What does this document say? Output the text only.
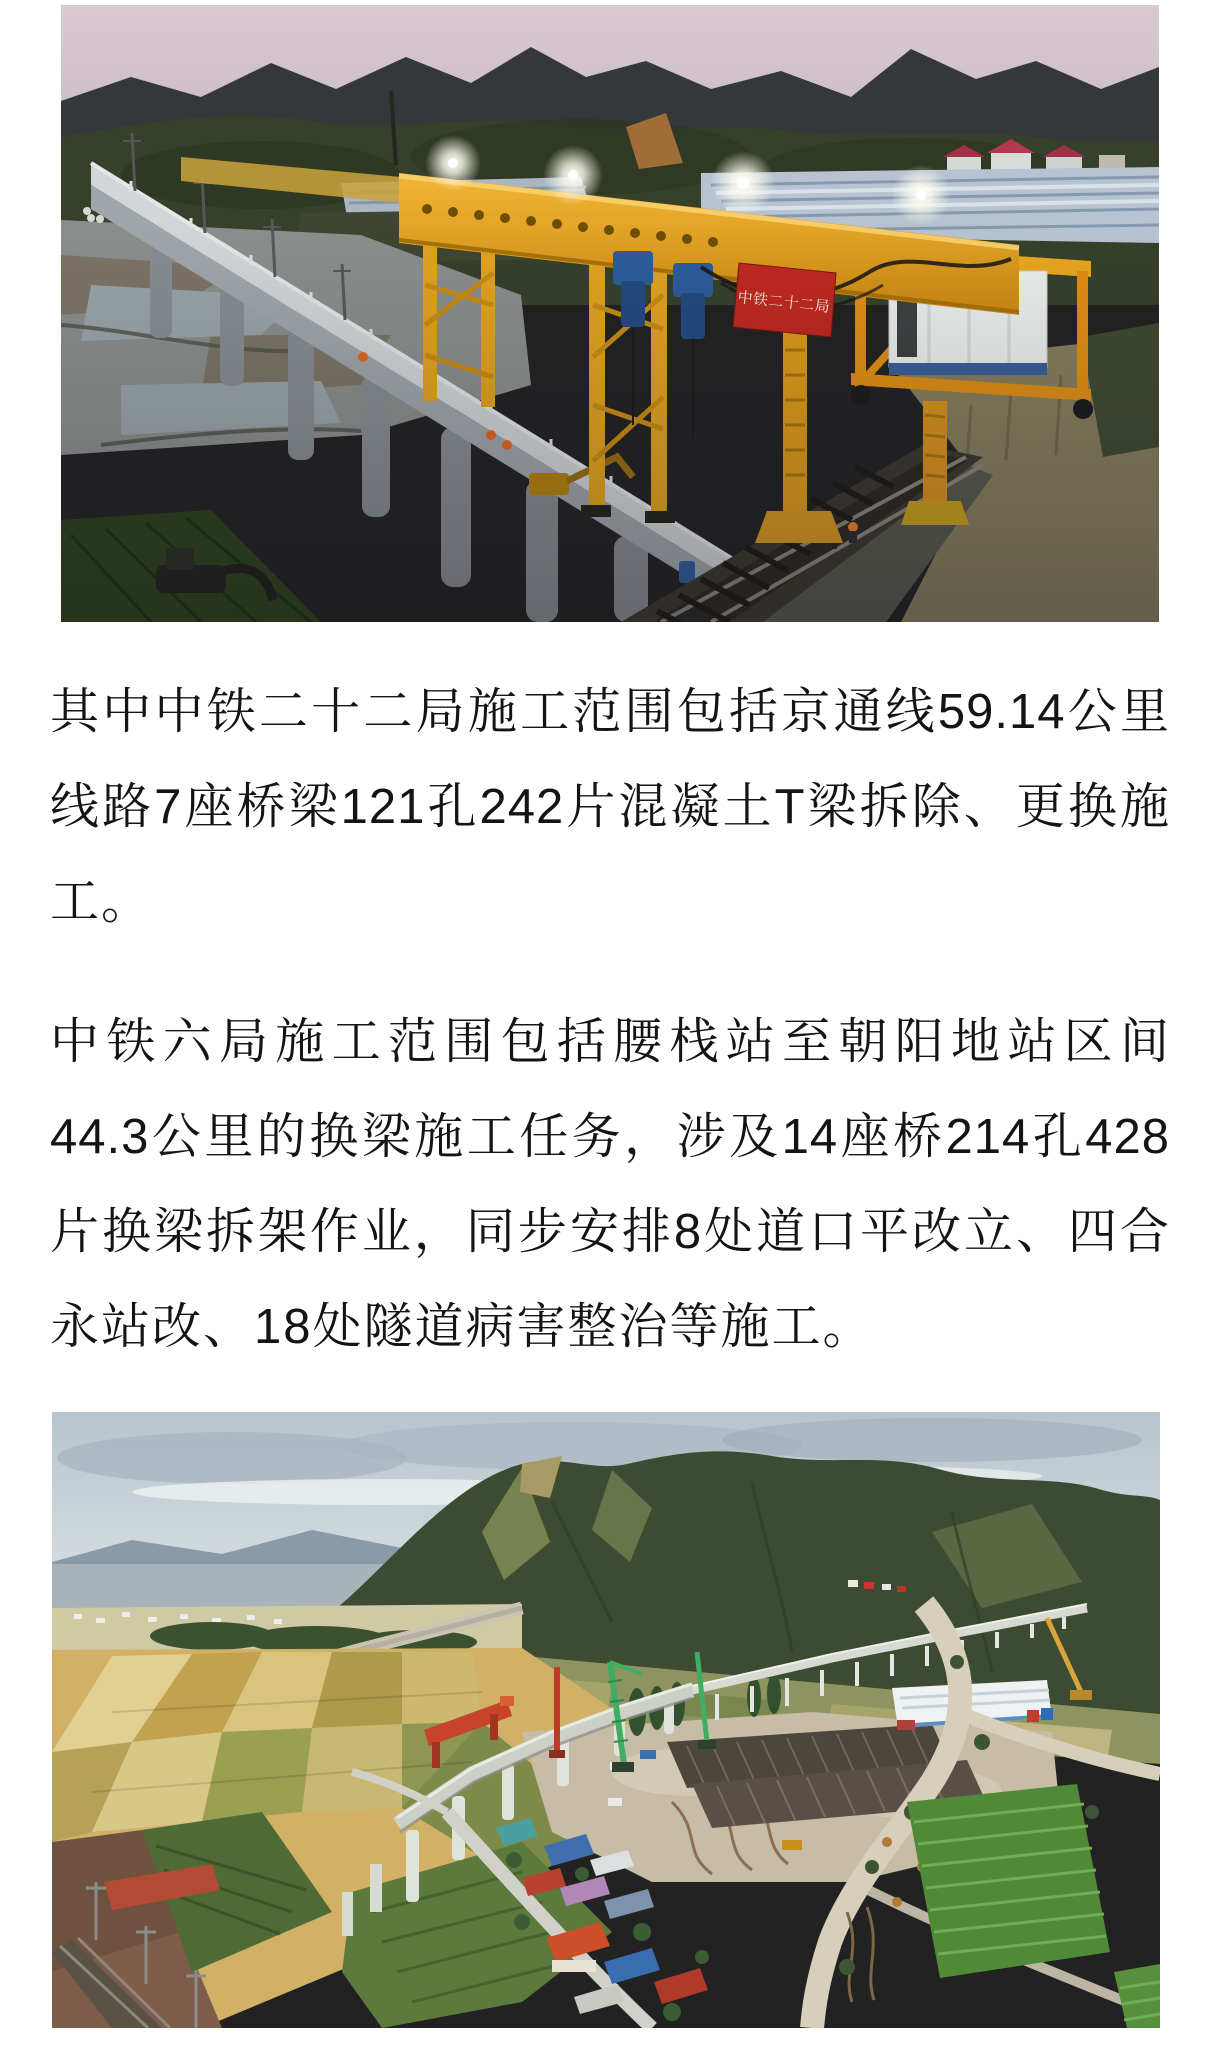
其中中铁二十二局施工范围包括京通线59.14公里
线路7座桥梁121孔242片混凝土T梁拆除、更换施
工。
中铁六局施工范围包括腰栈站至朝阳地站区间
44.3公里的换梁施工任务，涉及14座桥214孔428
片换梁拆架作业，同步安排8处道口平改立、四合
永站改、18处隧道病害整治等施工。
